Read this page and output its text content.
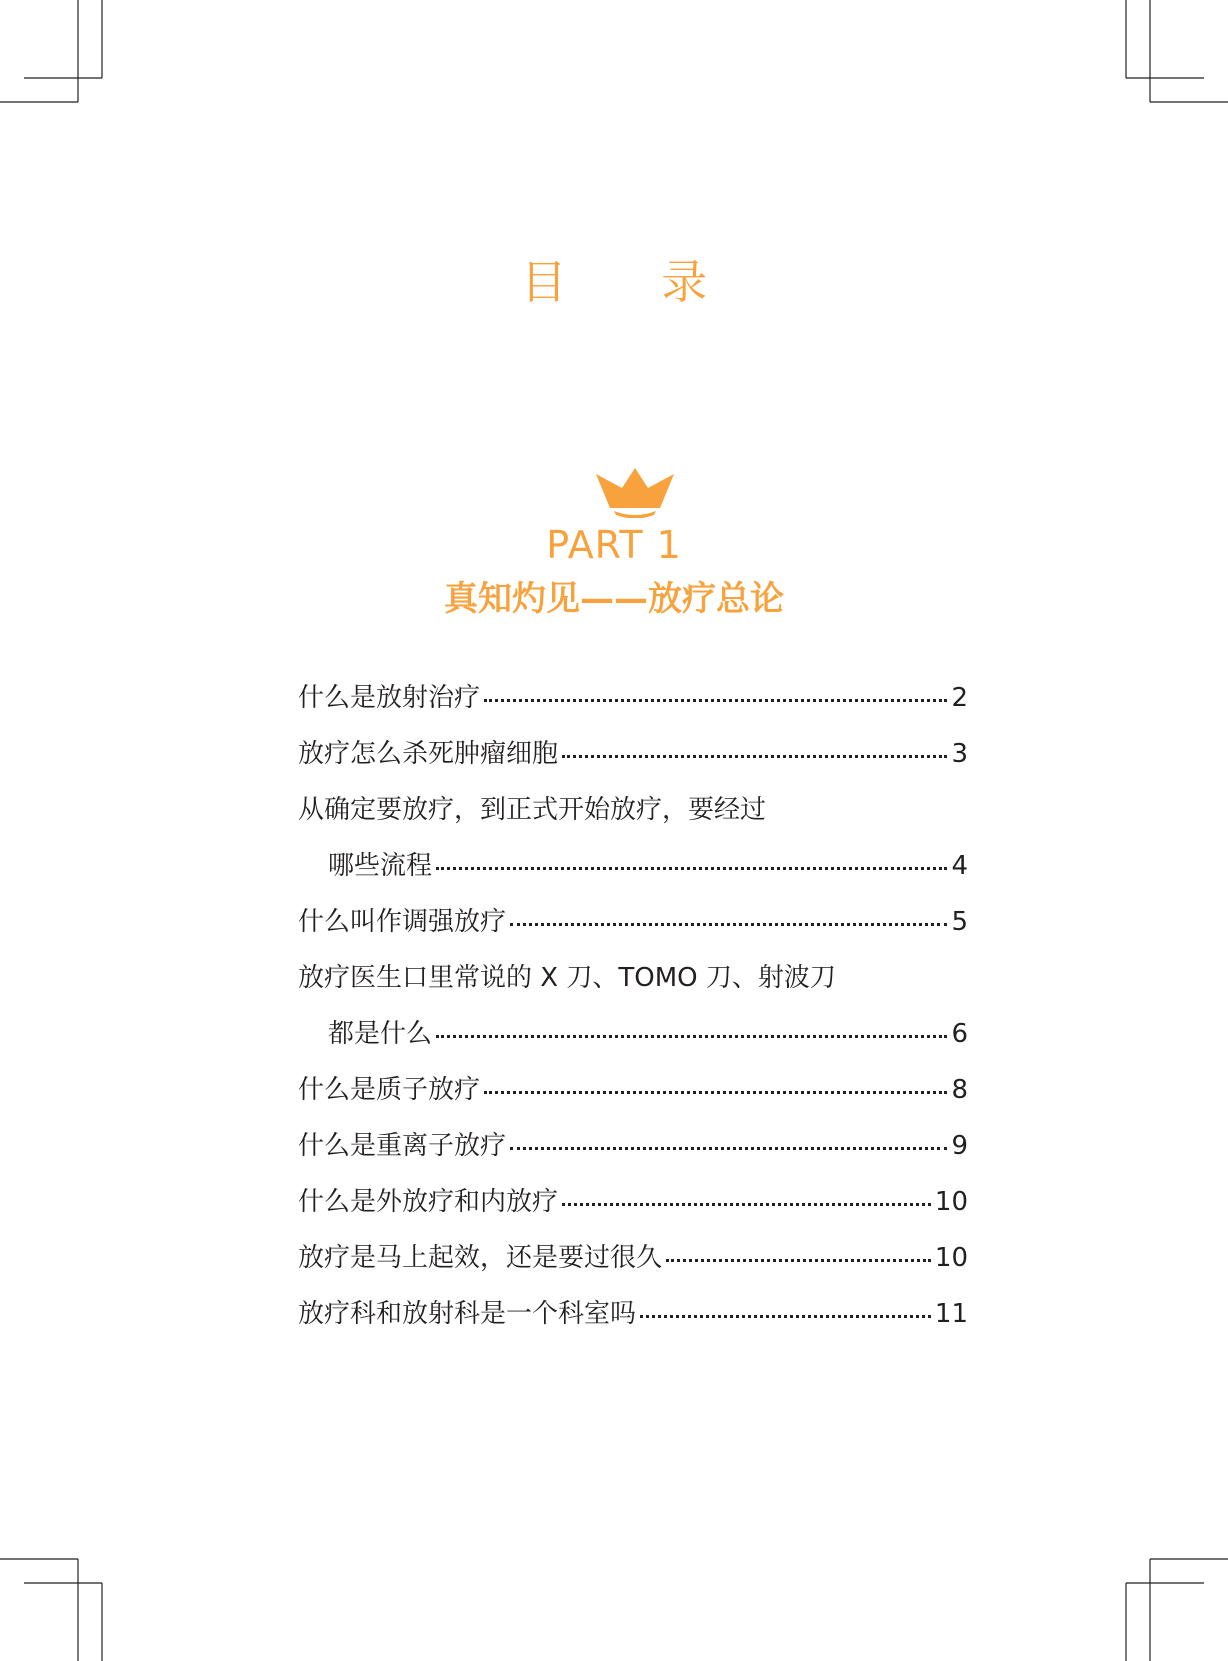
目 录
PART 1
真知灼见——放疗总论
什么是放射治疗	2
放疗怎么杀死肿瘤细胞	3
从确定要放疗，到正式开始放疗，要经过
哪些流程	4
什么叫作调强放疗	5
放疗医生口里常说的 X 刀、TOMO 刀、射波刀
都是什么	6
什么是质子放疗	8
什么是重离子放疗	9
什么是外放疗和内放疗	10
放疗是马上起效，还是要过很久	10
放疗科和放射科是一个科室吗	11
